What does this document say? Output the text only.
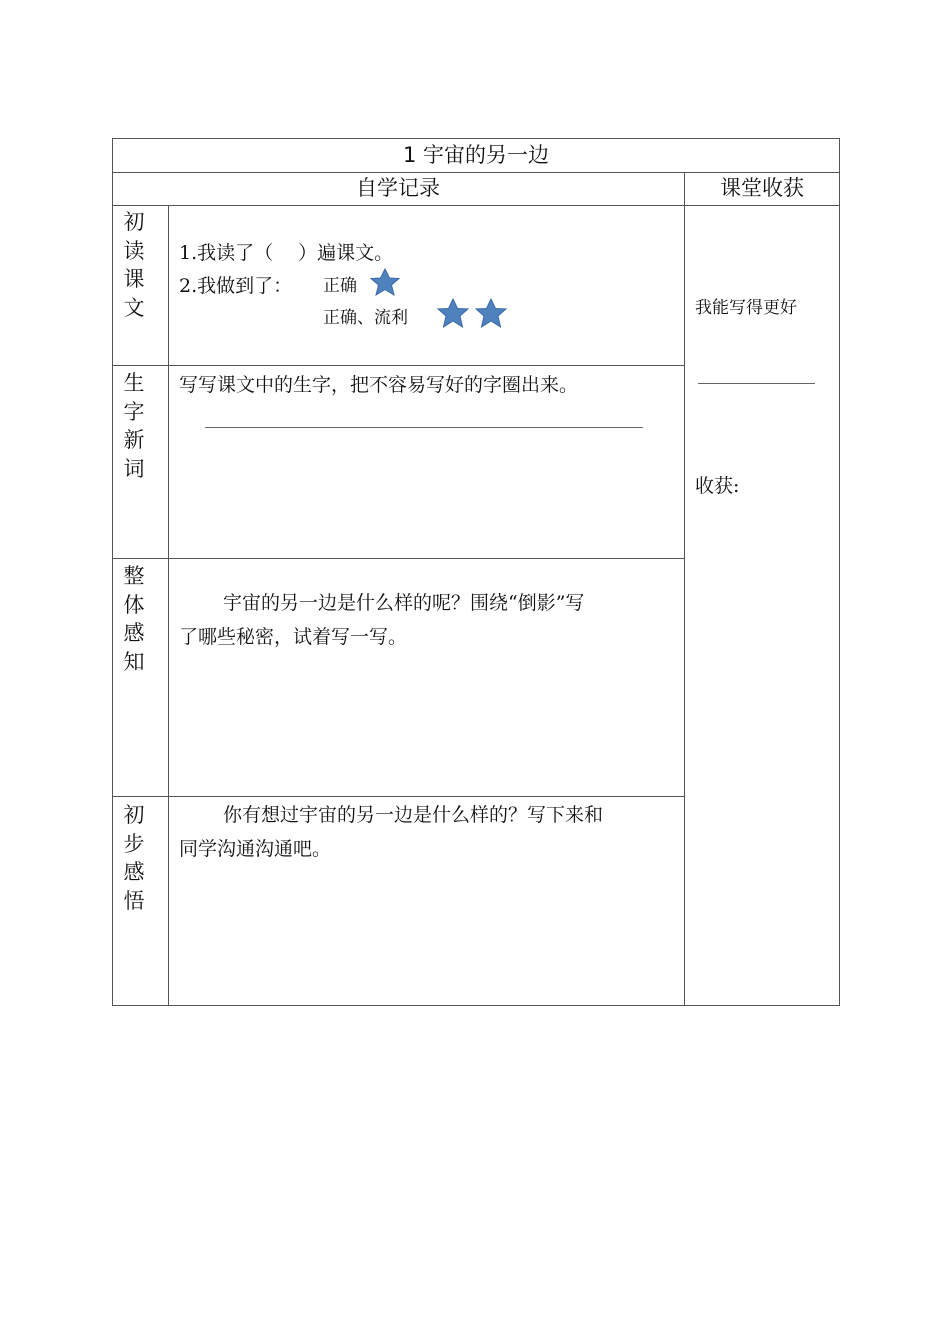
1 宇宙的另一边
自学记录	课堂收获
初读课文
1.我读了（　 ）遍课文。
2.我做到了： 正确
正确、流利
生字新词
写写课文中的生字，把不容易写好的字圈出来。
整体感知
宇宙的另一边是什么样的呢？围绕“倒影”写
了哪些秘密，试着写一写。
初步感悟
你有想过宇宙的另一边是什么样的？写下来和
同学沟通沟通吧。
我能写得更好
收获:
